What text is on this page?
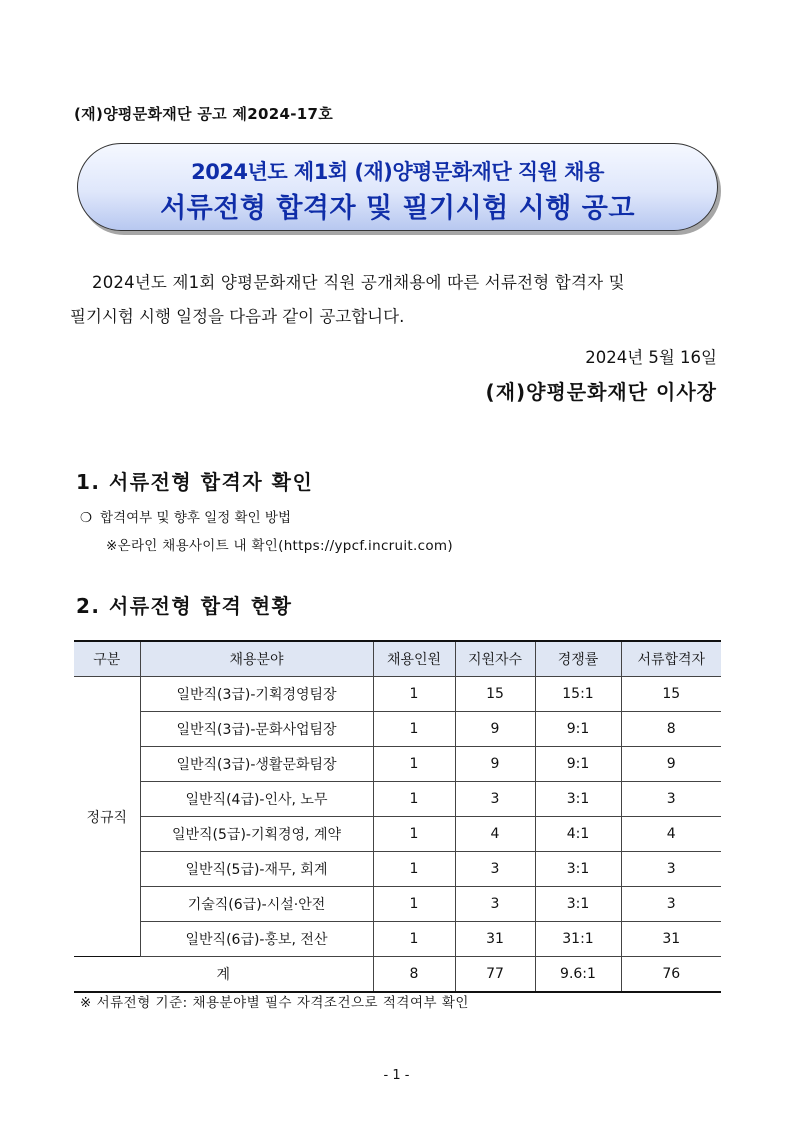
(재)양평문화재단 공고 제2024-17호
2024년도 제1회 (재)양평문화재단 직원 채용
서류전형 합격자 및 필기시험 시행 공고

2024년도 제1회 양평문화재단 직원 공개채용에 따른 서류전형 합격자 및

필기시험 시행 일정을 다음과 같이 공고합니다.
2024년 5월 16일
(재)양평문화재단 이사장
1. 서류전형 합격자 확인
❍ 합격여부 및 향후 일정 확인 방법
※온라인 채용사이트 내 확인(https://ypcf.incruit.com)
2. 서류전형 합격 현황
구분	채용분야	채용인원	지원자수	경쟁률	서류합격자
정규직	일반직(3급)-기획경영팀장	1	15	15:1	15
	일반직(3급)-문화사업팀장	1	9	9:1	8
	일반직(3급)-생활문화팀장	1	9	9:1	9
	일반직(4급)-인사, 노무	1	3	3:1	3
	일반직(5급)-기획경영, 계약	1	4	4:1	4
	일반직(5급)-재무, 회계	1	3	3:1	3
	기술직(6급)-시설·안전	1	3	3:1	3
	일반직(6급)-홍보, 전산	1	31	31:1	31
계		8	77	9.6:1	76
※ 서류전형 기준: 채용분야별 필수 자격조건으로 적격여부 확인
- 1 -
